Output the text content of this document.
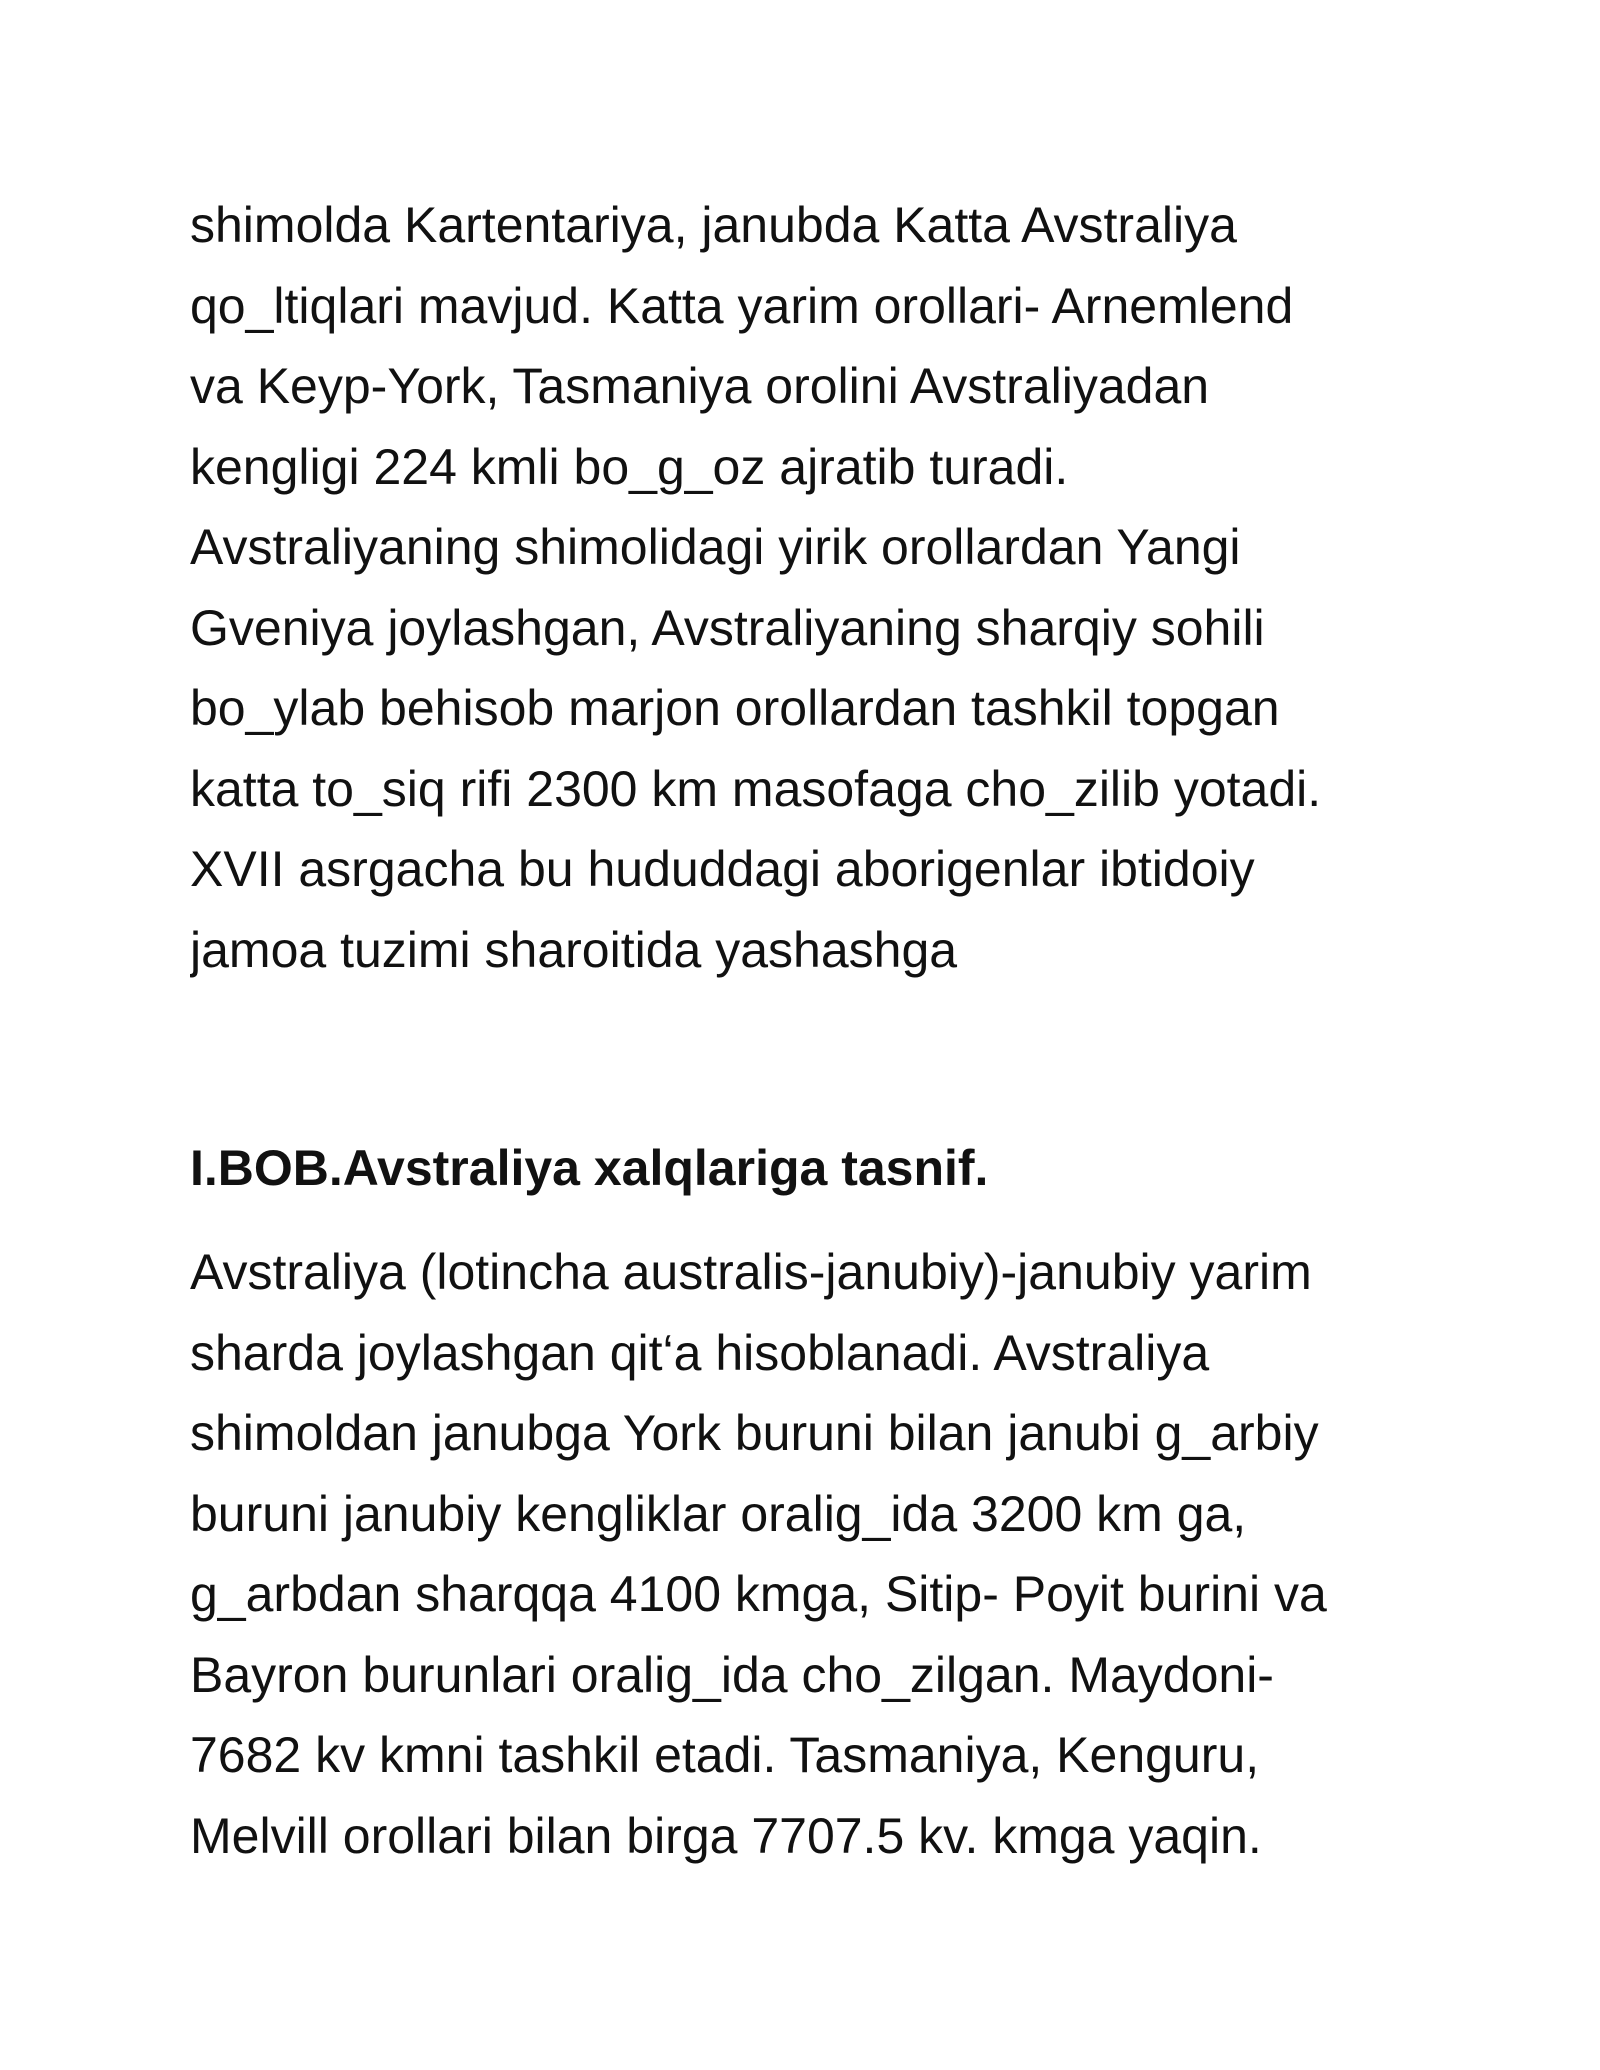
shimolda Kartentariya, janubda Katta Avstraliya
qo_ltiqlari mavjud. Katta yarim orollari- Arnemlend
va Keyp-York, Tasmaniya orolini Avstraliyadan
kengligi 224 kmli bo_g_oz ajratib turadi.
Avstraliyaning shimolidagi yirik orollardan Yangi
Gveniya joylashgan, Avstraliyaning sharqiy sohili
bo_ylab behisob marjon orollardan tashkil topgan
katta to_siq rifi 2300 km masofaga cho_zilib yotadi.
XVII asrgacha bu hududdagi aborigenlar ibtidoiy
jamoa tuzimi sharoitida yashashga
I.BOB.Avstraliya xalqlariga tasnif.
Avstraliya (lotincha australis-janubiy)-janubiy yarim
sharda joylashgan qit‘a hisoblanadi. Avstraliya
shimoldan janubga York buruni bilan janubi g_arbiy
buruni janubiy kengliklar oralig_ida 3200 km ga,
g_arbdan sharqqa 4100 kmga, Sitip- Poyit burini va
Bayron burunlari oralig_ida cho_zilgan. Maydoni-
7682 kv kmni tashkil etadi. Tasmaniya, Kenguru,
Melvill orollari bilan birga 7707.5 kv. kmga yaqin.
